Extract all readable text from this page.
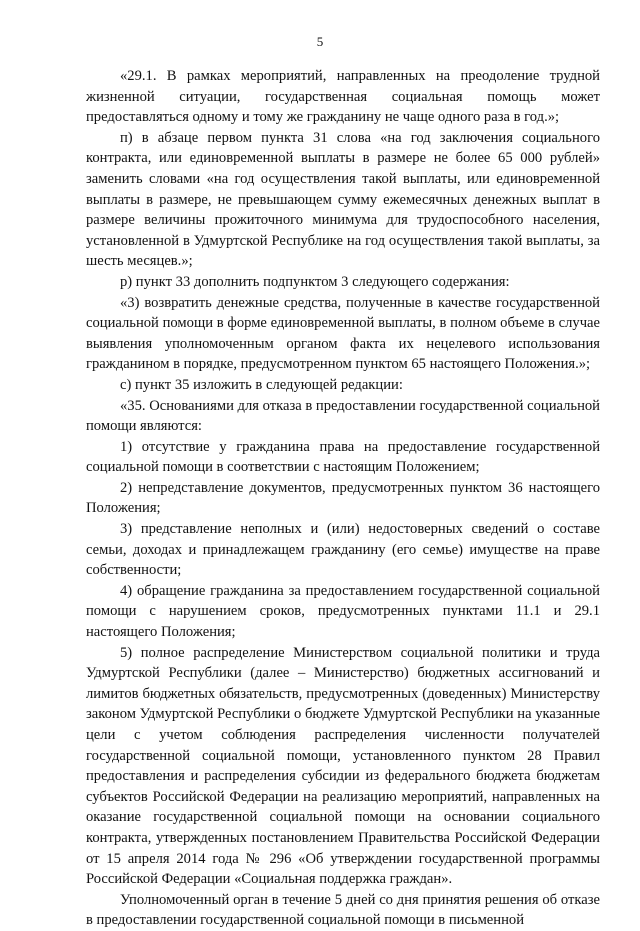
5

«29.1. В рамках мероприятий, направленных на преодоление трудной жизненной ситуации, государственная социальная помощь может предоставляться одному и тому же гражданину не чаще одного раза в год.»;

п) в абзаце первом пункта 31 слова «на год заключения социального контракта, или единовременной выплаты в размере не более 65 000 рублей» заменить словами «на год осуществления такой выплаты, или единовременной выплаты в размере, не превышающем сумму ежемесячных денежных выплат в размере величины прожиточного минимума для трудоспособного населения, установленной в Удмуртской Республике на год осуществления такой выплаты, за шесть месяцев.»;

р) пункт 33 дополнить подпунктом 3 следующего содержания:

«3) возвратить денежные средства, полученные в качестве государственной социальной помощи в форме единовременной выплаты, в полном объеме в случае выявления уполномоченным органом факта их нецелевого использования гражданином в порядке, предусмотренном пунктом 65 настоящего Положения.»;

с) пункт 35 изложить в следующей редакции:

«35. Основаниями для отказа в предоставлении государственной социальной помощи являются:

1) отсутствие у гражданина права на предоставление государственной социальной помощи в соответствии с настоящим Положением;

2) непредставление документов, предусмотренных пунктом 36 настоящего Положения;

3) представление неполных и (или) недостоверных сведений о составе семьи, доходах и принадлежащем гражданину (его семье) имуществе на праве собственности;

4) обращение гражданина за предоставлением государственной социальной помощи с нарушением сроков, предусмотренных пунктами 11.1 и 29.1 настоящего Положения;

5) полное распределение Министерством социальной политики и труда Удмуртской Республики (далее – Министерство) бюджетных ассигнований и лимитов бюджетных обязательств, предусмотренных (доведенных) Министерству законом Удмуртской Республики о бюджете Удмуртской Республики на указанные цели с учетом соблюдения распределения численности получателей государственной социальной помощи, установленного пунктом 28 Правил предоставления и распределения субсидии из федерального бюджета бюджетам субъектов Российской Федерации на реализацию мероприятий, направленных на оказание государственной социальной помощи на основании социального контракта, утвержденных постановлением Правительства Российской Федерации от 15 апреля 2014 года № 296 «Об утверждении государственной программы Российской Федерации «Социальная поддержка граждан».

Уполномоченный орган в течение 5 дней со дня принятия решения об отказе в предоставлении государственной социальной помощи в письменной
